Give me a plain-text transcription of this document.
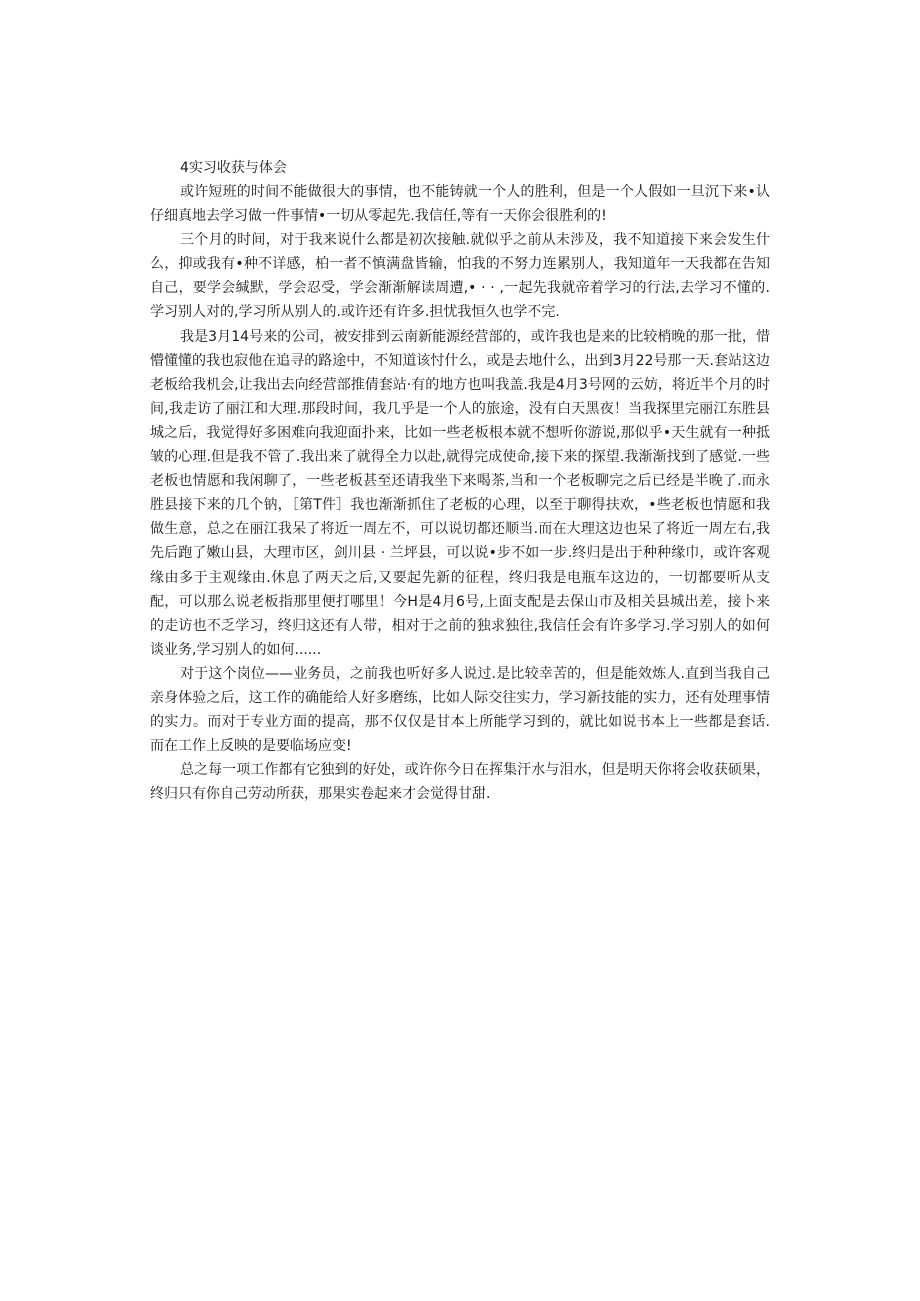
4实习收获与体会

或许短班的时间不能做很大的事情，也不能铸就一个人的胜利，但是一个人假如一旦沉下来•认仔细真地去学习做一件事情•一切从零起先.我信任,等有一天你会很胜利的!

三个月的时间，对于我来说什么都是初次接触.就似乎之前从未涉及，我不知道接下来会发生什么，抑或我有•种不详感，柏一者不慎满盘皆输，怕我的不努力连累别人，我知道年一天我都在告知自己，要学会缄默，学会忍受，学会渐渐解读周遭,• · · ,一起先我就帝着学习的行法,去学习不懂的.学习别人对的,学习所从别人的.或许还有许多.担忧我恒久也学不完.

我是3月14号来的公司，被安排到云南新能源经营部的，或许我也是来的比较梢晚的那一批，惜懵懂懂的我也寂他在追寻的路途中，不知道该忖什么，或是去地什么，出到3月22号那一天.套站这边老板给我机会,让我出去向经营部推倩套站·有的地方也叫我盖.我是4月3号网的云妨，将近半个月的时间,我走访了丽江和大理.那段时间，我几乎是一个人的旅途，没有白天黑夜！当我探里完丽江东胜县城之后，我觉得好多困难向我迎面扑来，比如一些老板根本就不想听你游说,那似乎•天生就有一种抵皱的心理.但是我不管了.我出来了就得全力以赴,就得完成使命,接下来的探望.我渐渐找到了感觉.一些老板也情愿和我闲聊了，一些老板甚至还请我坐下来喝茶,当和一个老板聊完之后已经是半晚了.而永胜县接下来的几个钠，［第T件］我也渐渐抓住了老板的心理，以至于聊得扶欢，•些老板也情愿和我做生意，总之在丽江我呆了将近一周左不，可以说切都还顺当.而在大理这边也呆了将近一周左右,我先后跑了嫩山县，大理市区，剑川县 · 兰坪县，可以说•步不如一步.终归是出于种种缘巾，或许客观缘由多于主观缘由.休息了两天之后,又要起先新的征程，终归我是电瓶车这边的，一切都要听从支配，可以那么说老板指那里便打哪里！今H是4月6号,上面支配是去保山市及相关县城出差，接卜来的走访也不乏学习，终归这还有人带，相对于之前的独求独往,我信任会有许多学习.学习别人的如何谈业务,学习别人的如何......

对于这个岗位——业务员，之前我也听好多人说过.是比较幸苦的，但是能效炼人.直到当我自己亲身体验之后，这工作的确能给人好多磨练，比如人际交往实力，学习新技能的实力，还有处理事情的实力。而对于专业方面的提高，那不仅仅是甘本上所能学习到的，就比如说书本上一些都是套话.而在工作上反映的是要临场应变!

总之每一项工作都有它独到的好处，或许你今日在挥集汗水与泪水，但是明天你将会收获硕果，终归只有你自己劳动所获，那果实卷起来才会觉得甘甜.
